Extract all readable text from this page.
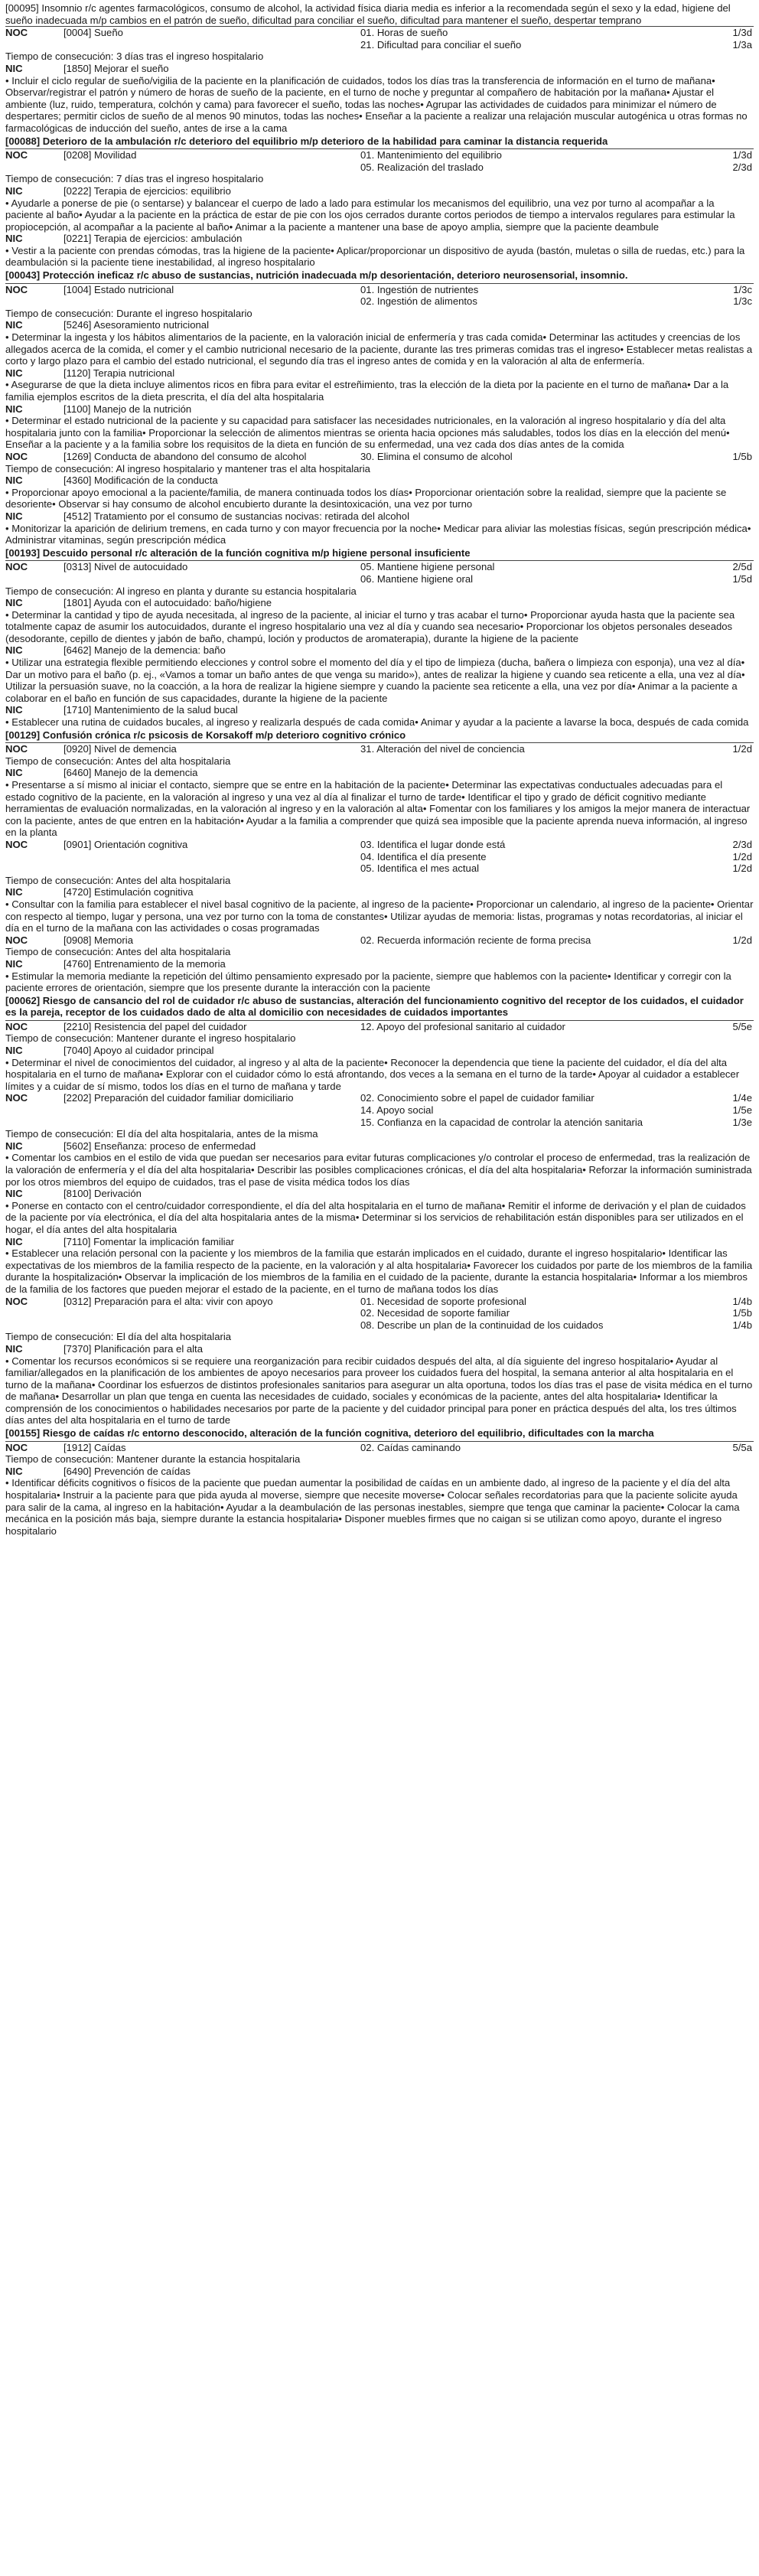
[00095] Insomnio r/c agentes farmacológicos, consumo de alcohol, la actividad física diaria media es inferior a la recomendada según el sexo y la edad, higiene del sueño inadecuada m/p cambios en el patrón de sueño, dificultad para conciliar el sueño, dificultad para mantener el sueño, despertar temprano
NOC	[0004] Sueño	01. Horas de sueño	1/3d
21. Dificultad para conciliar el sueño	1/3a
Tiempo de consecución: 3 días tras el ingreso hospitalario
NIC	[1850] Mejorar el sueño
• Incluir el ciclo regular de sueño/vigilia de la paciente en la planificación de cuidados, todos los días tras la transferencia de información en el turno de mañana• Observar/registrar el patrón y número de horas de sueño de la paciente, en el turno de noche y preguntar al compañero de habitación por la mañana• Ajustar el ambiente (luz, ruido, temperatura, colchón y cama) para favorecer el sueño, todas las noches• Agrupar las actividades de cuidados para minimizar el número de despertares; permitir ciclos de sueño de al menos 90 minutos, todas las noches• Enseñar a la paciente a realizar una relajación muscular autogénica u otras formas no farmacológicas de inducción del sueño, antes de irse a la cama
[00088] Deterioro de la ambulación r/c deterioro del equilibrio m/p deterioro de la habilidad para caminar la distancia requerida
NOC	[0208] Movilidad	01. Mantenimiento del equilibrio	1/3d
05. Realización del traslado	2/3d
Tiempo de consecución: 7 días tras el ingreso hospitalario
NIC	[0222] Terapia de ejercicios: equilibrio
• Ayudarle a ponerse de pie (o sentarse) y balancear el cuerpo de lado a lado para estimular los mecanismos del equilibrio, una vez por turno al acompañar a la paciente al baño• Ayudar a la paciente en la práctica de estar de pie con los ojos cerrados durante cortos periodos de tiempo a intervalos regulares para estimular la propiocepción, al acompañar a la paciente al baño• Animar a la paciente a mantener una base de apoyo amplia, siempre que la paciente deambule
NIC	[0221] Terapia de ejercicios: ambulación
• Vestir a la paciente con prendas cómodas, tras la higiene de la paciente• Aplicar/proporcionar un dispositivo de ayuda (bastón, muletas o silla de ruedas, etc.) para la deambulación si la paciente tiene inestabilidad, al ingreso hospitalario
[00043] Protección ineficaz r/c abuso de sustancias, nutrición inadecuada m/p desorientación, deterioro neurosensorial, insomnio.
NOC	[1004] Estado nutricional	01. Ingestión de nutrientes	1/3c
02. Ingestión de alimentos	1/3c
Tiempo de consecución: Durante el ingreso hospitalario
NIC	[5246] Asesoramiento nutricional
• Determinar la ingesta y los hábitos alimentarios de la paciente, en la valoración inicial de enfermería y tras cada comida• Determinar las actitudes y creencias de los allegados acerca de la comida, el comer y el cambio nutricional necesario de la paciente, durante las tres primeras comidas tras el ingreso• Establecer metas realistas a corto y largo plazo para el cambio del estado nutricional, el segundo día tras el ingreso antes de comida y en la valoración al alta de enfermería.
NIC	[1120] Terapia nutricional
• Asegurarse de que la dieta incluye alimentos ricos en fibra para evitar el estreñimiento, tras la elección de la dieta por la paciente en el turno de mañana• Dar a la familia ejemplos escritos de la dieta prescrita, el día del alta hospitalaria
NIC	[1100] Manejo de la nutrición
• Determinar el estado nutricional de la paciente y su capacidad para satisfacer las necesidades nutricionales, en la valoración al ingreso hospitalario y día del alta hospitalaria junto con la familia• Proporcionar la selección de alimentos mientras se orienta hacia opciones más saludables, todos los días en la elección del menú• Enseñar a la paciente y a la familia sobre los requisitos de la dieta en función de su enfermedad, una vez cada dos días antes de la comida
NOC	[1269] Conducta de abandono del consumo de alcohol	30. Elimina el consumo de alcohol	1/5b
Tiempo de consecución: Al ingreso hospitalario y mantener tras el alta hospitalaria
NIC	[4360] Modificación de la conducta
• Proporcionar apoyo emocional a la paciente/familia, de manera continuada todos los días• Proporcionar orientación sobre la realidad, siempre que la paciente se desoriente• Observar si hay consumo de alcohol encubierto durante la desintoxicación, una vez por turno
NIC	[4512] Tratamiento por el consumo de sustancias nocivas: retirada del alcohol
• Monitorizar la aparición de delirium tremens, en cada turno y con mayor frecuencia por la noche• Medicar para aliviar las molestias físicas, según prescripción médica• Administrar vitaminas, según prescripción médica
[00193] Descuido personal r/c alteración de la función cognitiva m/p higiene personal insuficiente
NOC	[0313] Nivel de autocuidado	05. Mantiene higiene personal	2/5d
06. Mantiene higiene oral	1/5d
Tiempo de consecución: Al ingreso en planta y durante su estancia hospitalaria
NIC	[1801] Ayuda con el autocuidado: baño/higiene
• Determinar la cantidad y tipo de ayuda necesitada, al ingreso de la paciente, al iniciar el turno y tras acabar el turno• Proporcionar ayuda hasta que la paciente sea totalmente capaz de asumir los autocuidados, durante el ingreso hospitalario una vez al día y cuando sea necesario• Proporcionar los objetos personales deseados (desodorante, cepillo de dientes y jabón de baño, champú, loción y productos de aromaterapia), durante la higiene de la paciente
NIC	[6462] Manejo de la demencia: baño
• Utilizar una estrategia flexible permitiendo elecciones y control sobre el momento del día y el tipo de limpieza (ducha, bañera o limpieza con esponja), una vez al día• Dar un motivo para el baño (p. ej., «Vamos a tomar un baño antes de que venga su marido»), antes de realizar la higiene y cuando sea reticente a ella, una vez al día• Utilizar la persuasión suave, no la coacción, a la hora de realizar la higiene siempre y cuando la paciente sea reticente a ella, una vez por día• Animar a la paciente a colaborar en el baño en función de sus capacidades, durante la higiene de la paciente
NIC	[1710] Mantenimiento de la salud bucal
• Establecer una rutina de cuidados bucales, al ingreso y realizarla después de cada comida• Animar y ayudar a la paciente a lavarse la boca, después de cada comida
[00129] Confusión crónica r/c psicosis de Korsakoff m/p deterioro cognitivo crónico
NOC	[0920] Nivel de demencia	31. Alteración del nivel de conciencia	1/2d
Tiempo de consecución: Antes del alta hospitalaria
NIC	[6460] Manejo de la demencia
• Presentarse a sí mismo al iniciar el contacto, siempre que se entre en la habitación de la paciente• Determinar las expectativas conductuales adecuadas para el estado cognitivo de la paciente, en la valoración al ingreso y una vez al día al finalizar el turno de tarde• Identificar el tipo y grado de déficit cognitivo mediante herramientas de evaluación normalizadas, en la valoración al ingreso y en la valoración al alta• Fomentar con los familiares y los amigos la mejor manera de interactuar con la paciente, antes de que entren en la habitación• Ayudar a la familia a comprender que quizá sea imposible que la paciente aprenda nueva información, al ingreso en la planta
NOC	[0901] Orientación cognitiva	03. Identifica el lugar donde está	2/3d
04. Identifica el día presente	1/2d
05. Identifica el mes actual	1/2d
Tiempo de consecución: Antes del alta hospitalaria
NIC	[4720] Estimulación cognitiva
• Consultar con la familia para establecer el nivel basal cognitivo de la paciente, al ingreso de la paciente• Proporcionar un calendario, al ingreso de la paciente• Orientar con respecto al tiempo, lugar y persona, una vez por turno con la toma de constantes• Utilizar ayudas de memoria: listas, programas y notas recordatorias, al iniciar el día en el turno de la mañana con las actividades o cosas programadas
NOC	[0908] Memoria	02. Recuerda información reciente de forma precisa	1/2d
Tiempo de consecución: Antes del alta hospitalaria
NIC	[4760] Entrenamiento de la memoria
• Estimular la memoria mediante la repetición del último pensamiento expresado por la paciente, siempre que hablemos con la paciente• Identificar y corregir con la paciente errores de orientación, siempre que los presente durante la interacción con la paciente
[00062] Riesgo de cansancio del rol de cuidador r/c abuso de sustancias, alteración del funcionamiento cognitivo del receptor de los cuidados, el cuidador es la pareja, receptor de los cuidados dado de alta al domicilio con necesidades de cuidados importantes
NOC	[2210] Resistencia del papel del cuidador	12. Apoyo del profesional sanitario al cuidador	5/5e
Tiempo de consecución: Mantener durante el ingreso hospitalario
NIC	[7040] Apoyo al cuidador principal
• Determinar el nivel de conocimientos del cuidador, al ingreso y al alta de la paciente• Reconocer la dependencia que tiene la paciente del cuidador, el día del alta hospitalaria en el turno de mañana• Explorar con el cuidador cómo lo está afrontando, dos veces a la semana en el turno de la tarde• Apoyar al cuidador a establecer límites y a cuidar de sí mismo, todos los días en el turno de mañana y tarde
NOC	[2202] Preparación del cuidador familiar domiciliario	02. Conocimiento sobre el papel de cuidador familiar	1/4e
14. Apoyo social	1/5e
15. Confianza en la capacidad de controlar la atención sanitaria	1/3e
Tiempo de consecución: El día del alta hospitalaria, antes de la misma
NIC	[5602] Enseñanza: proceso de enfermedad
• Comentar los cambios en el estilo de vida que puedan ser necesarios para evitar futuras complicaciones y/o controlar el proceso de enfermedad, tras la realización de la valoración de enfermería y el día del alta hospitalaria• Describir las posibles complicaciones crónicas, el día del alta hospitalaria• Reforzar la información suministrada por los otros miembros del equipo de cuidados, tras el pase de visita médica todos los días
NIC	[8100] Derivación
• Ponerse en contacto con el centro/cuidador correspondiente, el día del alta hospitalaria en el turno de mañana• Remitir el informe de derivación y el plan de cuidados de la paciente por vía electrónica, el día del alta hospitalaria antes de la misma• Determinar si los servicios de rehabilitación están disponibles para ser utilizados en el hogar, el día antes del alta hospitalaria
NIC	[7110] Fomentar la implicación familiar
• Establecer una relación personal con la paciente y los miembros de la familia que estarán implicados en el cuidado, durante el ingreso hospitalario• Identificar las expectativas de los miembros de la familia respecto de la paciente, en la valoración y al alta hospitalaria• Favorecer los cuidados por parte de los miembros de la familia durante la hospitalización• Observar la implicación de los miembros de la familia en el cuidado de la paciente, durante la estancia hospitalaria• Informar a los miembros de la familia de los factores que pueden mejorar el estado de la paciente, en el turno de mañana todos los días
NOC	[0312] Preparación para el alta: vivir con apoyo	01. Necesidad de soporte profesional	1/4b
02. Necesidad de soporte familiar	1/5b
08. Describe un plan de la continuidad de los cuidados	1/4b
Tiempo de consecución: El día del alta hospitalaria
NIC	[7370] Planificación para el alta
• Comentar los recursos económicos si se requiere una reorganización para recibir cuidados después del alta, al día siguiente del ingreso hospitalario• Ayudar al familiar/allegados en la planificación de los ambientes de apoyo necesarios para proveer los cuidados fuera del hospital, la semana anterior al alta hospitalaria en el turno de la mañana• Coordinar los esfuerzos de distintos profesionales sanitarios para asegurar un alta oportuna, todos los días tras el pase de visita médica en el turno de mañana• Desarrollar un plan que tenga en cuenta las necesidades de cuidado, sociales y económicas de la paciente, antes del alta hospitalaria• Identificar la comprensión de los conocimientos o habilidades necesarios por parte de la paciente y del cuidador principal para poner en práctica después del alta, los tres últimos días antes del alta hospitalaria en el turno de tarde
[00155] Riesgo de caídas r/c entorno desconocido, alteración de la función cognitiva, deterioro del equilibrio, dificultades con la marcha
NOC	[1912] Caídas	02. Caídas caminando	5/5a
Tiempo de consecución: Mantener durante la estancia hospitalaria
NIC	[6490] Prevención de caídas
• Identificar déficits cognitivos o físicos de la paciente que puedan aumentar la posibilidad de caídas en un ambiente dado, al ingreso de la paciente y el día del alta hospitalaria• Instruir a la paciente para que pida ayuda al moverse, siempre que necesite moverse• Colocar señales recordatorias para que la paciente solicite ayuda para salir de la cama, al ingreso en la habitación• Ayudar a la deambulación de las personas inestables, siempre que tenga que caminar la paciente• Colocar la cama mecánica en la posición más baja, siempre durante la estancia hospitalaria• Disponer muebles firmes que no caigan si se utilizan como apoyo, durante el ingreso hospitalario
